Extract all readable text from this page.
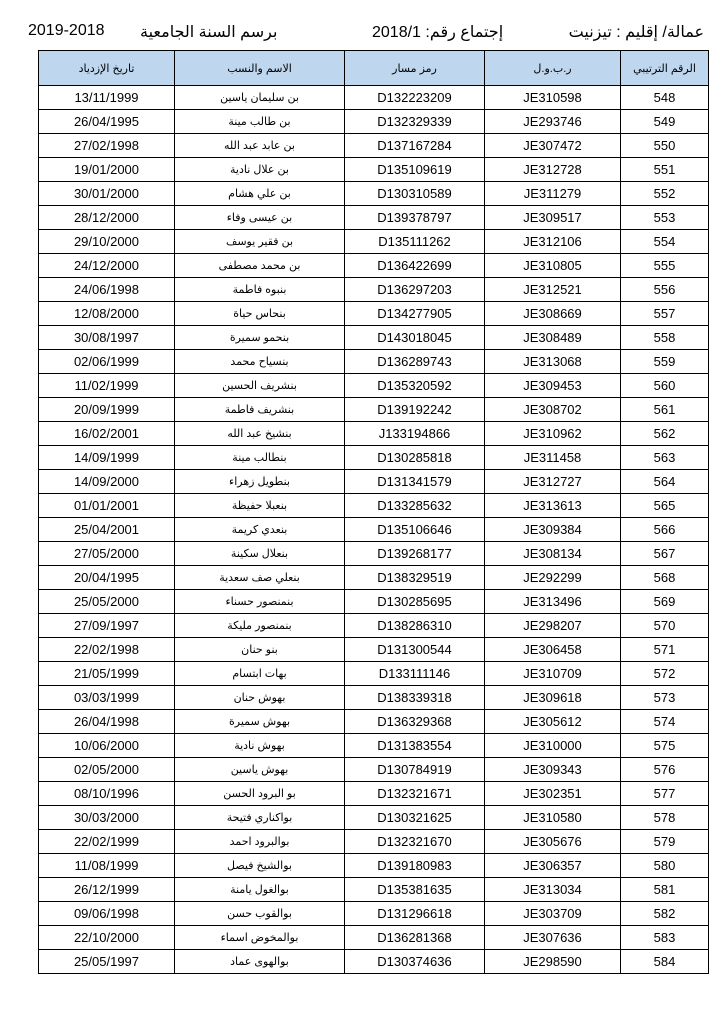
2019-2018 برسم السنة الجامعية	إجتماع رقم: 2018/1	عمالة/ إقليم : تيزنيت
تاريخ الإزدياد	الاسم والنسب	رمز مسار	ر.ب.و.ل	الرقم الترتيبي
13/11/1999	بن سليمان ياسين	D132223209	JE310598	548
26/04/1995	بن طالب مينة	D132329339	JE293746	549
27/02/1998	بن عابد عبد الله	D137167284	JE307472	550
19/01/2000	بن علال نادية	D135109619	JE312728	551
30/01/2000	بن علي هشام	D130310589	JE311279	552
28/12/2000	بن عيسى وفاء	D139378797	JE309517	553
29/10/2000	بن فقير يوسف	D135111262	JE312106	554
24/12/2000	بن محمد مصطفى	D136422699	JE310805	555
24/06/1998	بنبوه فاطمة	D136297203	JE312521	556
12/08/2000	بنحاس حياة	D134277905	JE308669	557
30/08/1997	بنحمو سميرة	D143018045	JE308489	558
02/06/1999	بنسياح محمد	D136289743	JE313068	559
11/02/1999	بنشريف الحسين	D135320592	JE309453	560
20/09/1999	بنشريف فاطمة	D139192242	JE308702	561
16/02/2001	بنشيخ عبد الله	J133194866	JE310962	562
14/09/1999	بنطالب مينة	D130285818	JE311458	563
14/09/2000	بنطويل زهراء	D131341579	JE312727	564
01/01/2001	بنعبلا حفيظة	D133285632	JE313613	565
25/04/2001	بنعدي كريمة	D135106646	JE309384	566
27/05/2000	بنعلال سكينة	D139268177	JE308134	567
20/04/1995	بنعلي صف سعدية	D138329519	JE292299	568
25/05/2000	بنمنصور حسناء	D130285695	JE313496	569
27/09/1997	بنمنصور مليكة	D138286310	JE298207	570
22/02/1998	بنو حنان	D131300544	JE306458	571
21/05/1999	بهات ابتسام	D133111146	JE310709	572
03/03/1999	بهوش حنان	D138339318	JE309618	573
26/04/1998	بهوش سميرة	D136329368	JE305612	574
10/06/2000	بهوش نادية	D131383554	JE310000	575
02/05/2000	بهوش ياسين	D130784919	JE309343	576
08/10/1996	بو البرود الحسن	D132321671	JE302351	577
30/03/2000	بواكناري فتيحة	D130321625	JE310580	578
22/02/1999	بوالبرود احمد	D132321670	JE305676	579
11/08/1999	بوالشيخ فيصل	D139180983	JE306357	580
26/12/1999	بوالغول يامنة	D135381635	JE313034	581
09/06/1998	بوالقوب حسن	D131296618	JE303709	582
22/10/2000	بوالمخوض اسماء	D136281368	JE307636	583
25/05/1997	بوالهوى عماد	D130374636	JE298590	584
